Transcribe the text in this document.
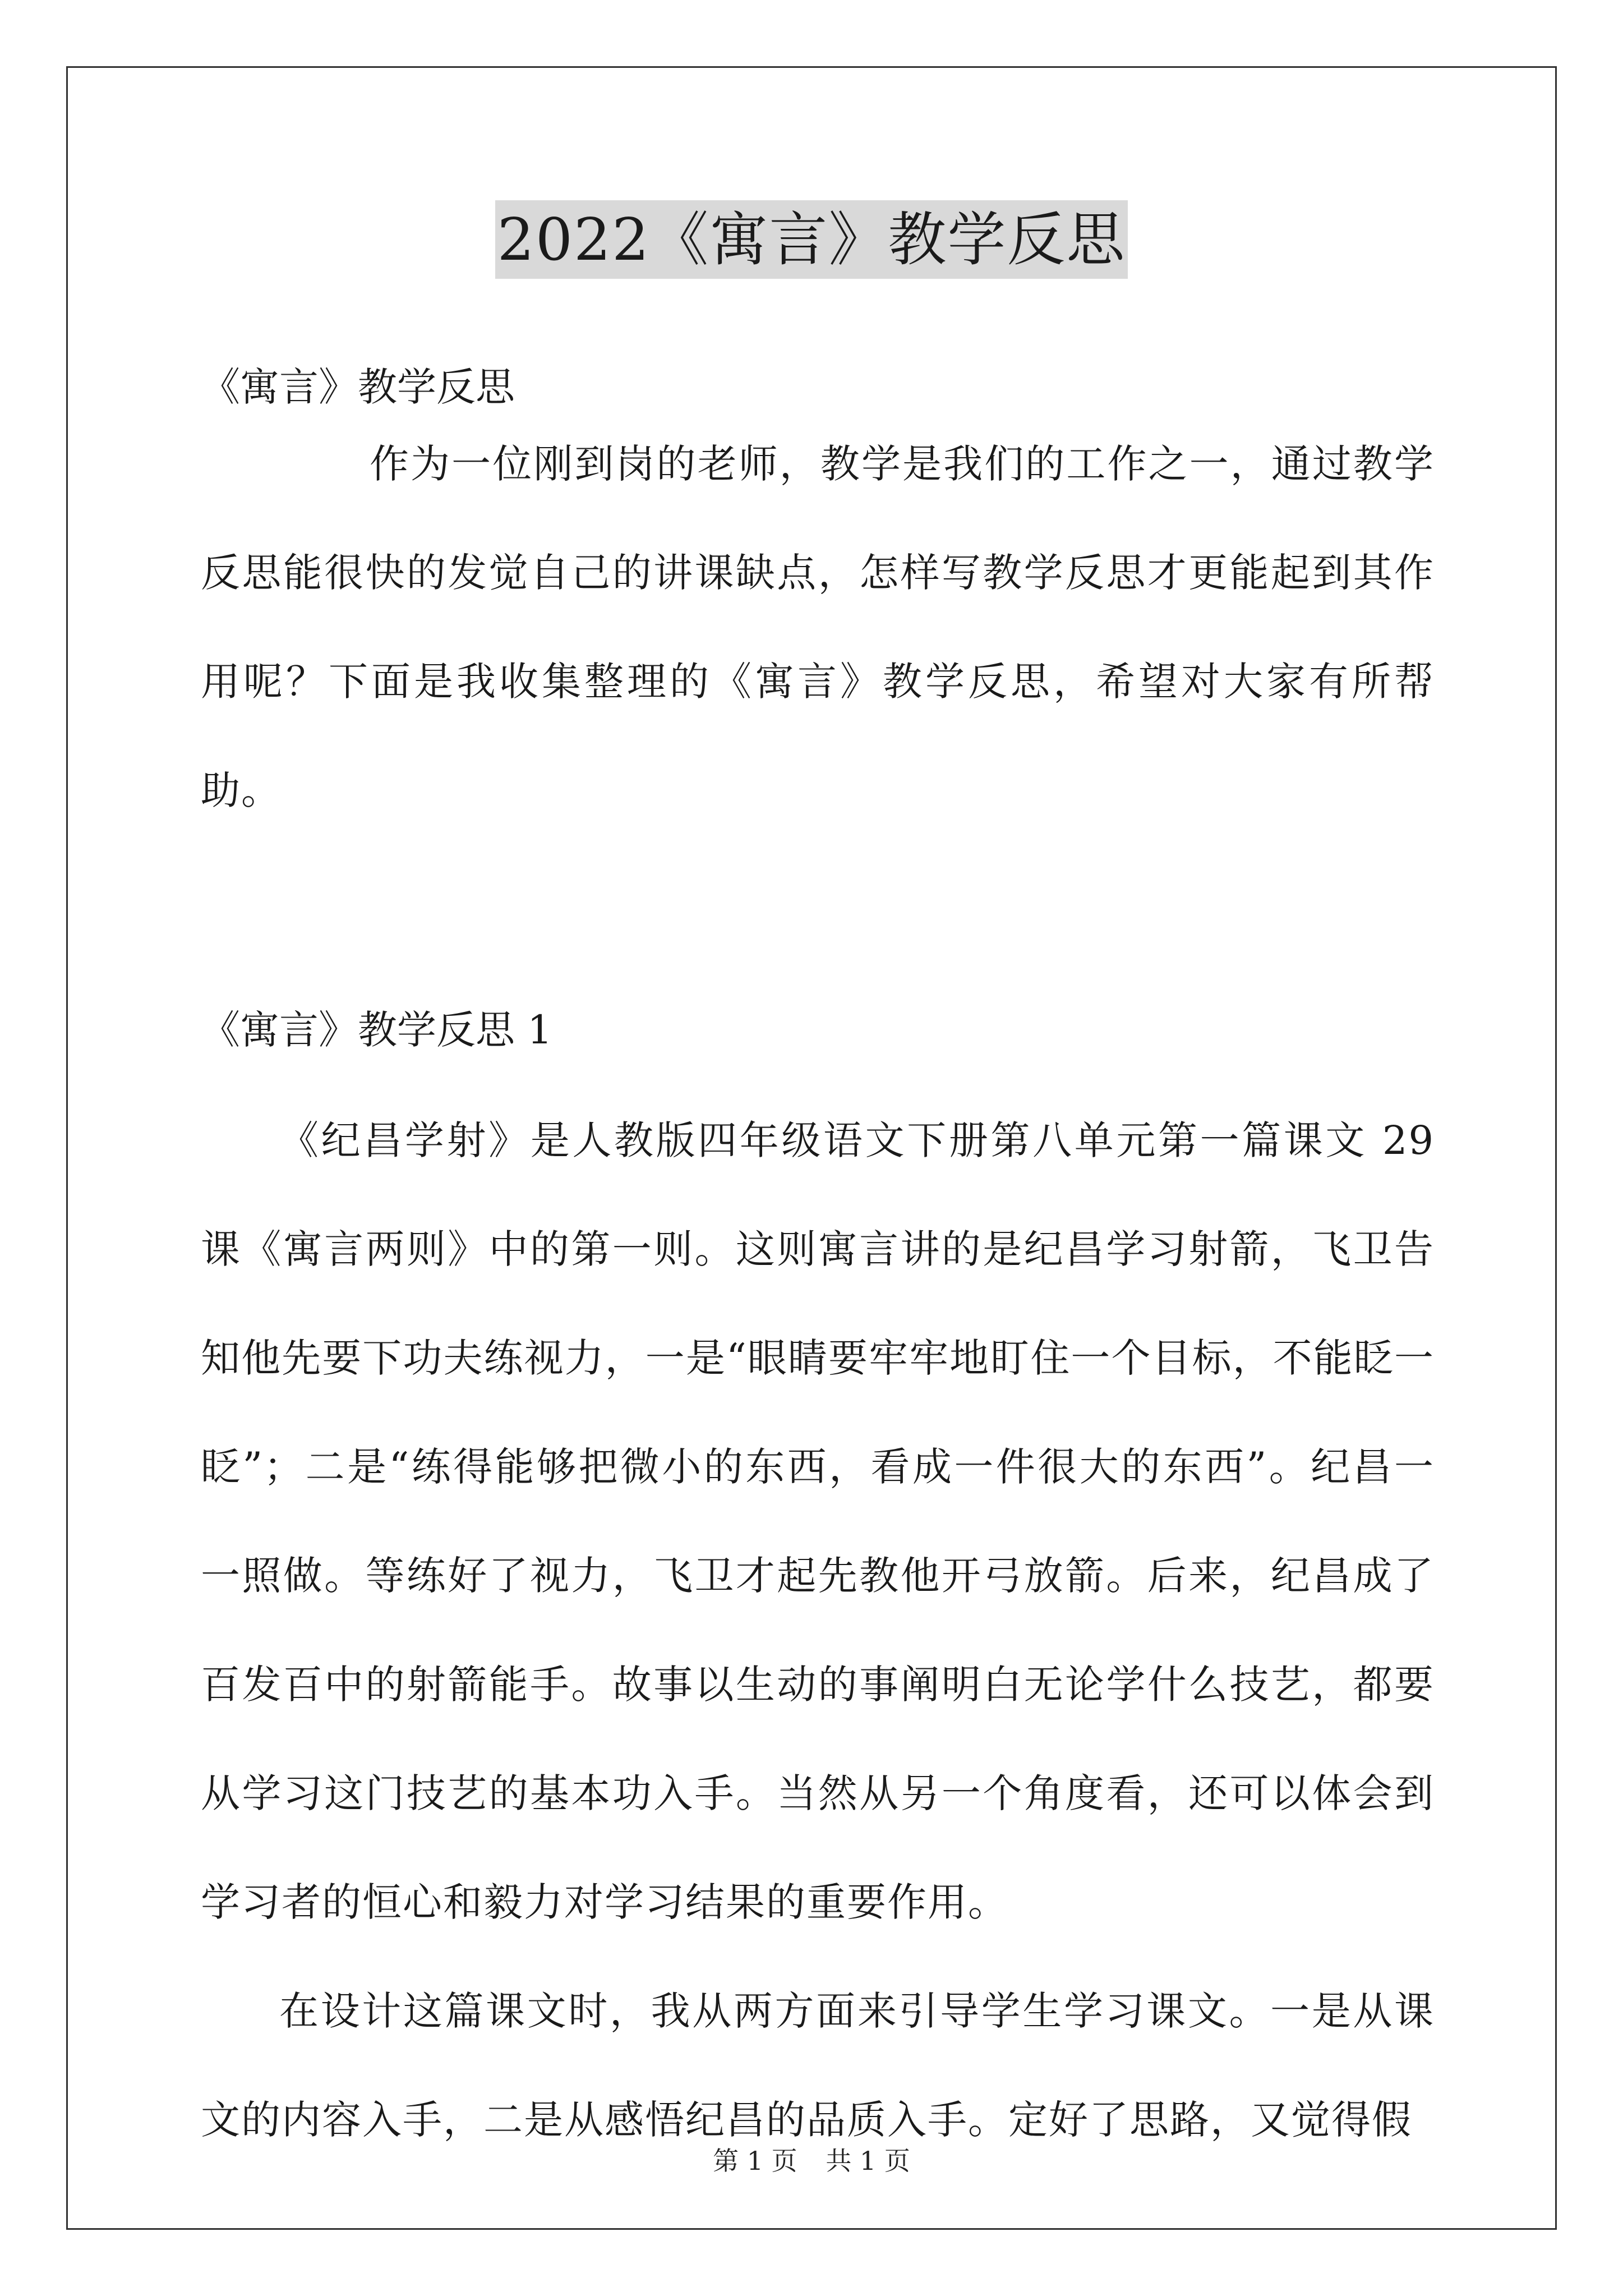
2022《寓言》教学反思

《寓言》教学反思

作为一位刚到岗的老师，教学是我们的工作之一，通过教学反思能很快的发觉自己的讲课缺点，怎样写教学反思才更能起到其作用呢？下面是我收集整理的《寓言》教学反思，希望对大家有所帮助。

《寓言》教学反思 1

《纪昌学射》是人教版四年级语文下册第八单元第一篇课文 29 课《寓言两则》中的第一则。这则寓言讲的是纪昌学习射箭，飞卫告知他先要下功夫练视力，一是“眼睛要牢牢地盯住一个目标，不能眨一眨”；二是“练得能够把微小的东西，看成一件很大的东西”。纪昌一一照做。等练好了视力，飞卫才起先教他开弓放箭。后来，纪昌成了百发百中的射箭能手。故事以生动的事阐明白无论学什么技艺，都要从学习这门技艺的基本功入手。当然从另一个角度看，还可以体会到学习者的恒心和毅力对学习结果的重要作用。

在设计这篇课文时，我从两方面来引导学生学习课文。一是从课文的内容入手，二是从感悟纪昌的品质入手。定好了思路，又觉得假

第 1 页 共 1 页
